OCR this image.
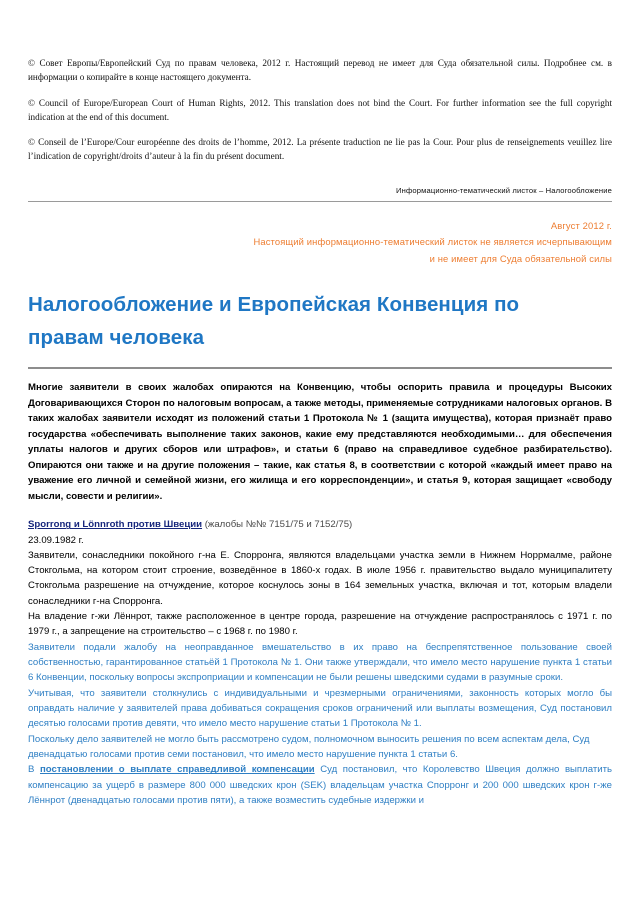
© Совет Европы/Европейский Суд по правам человека, 2012 г. Настоящий перевод не имеет для Суда обязательной силы. Подробнее см. в информации о копирайте в конце настоящего документа.

© Council of Europe/European Court of Human Rights, 2012. This translation does not bind the Court. For further information see the full copyright indication at the end of this document.

© Conseil de l’Europe/Cour européenne des droits de l’homme, 2012. La présente traduction ne lie pas la Cour. Pour plus de renseignements veuillez lire l’indication de copyright/droits d’auteur à la fin du présent document.

Информационно-тематический листок – Налогообложение
Август 2012 г.
Настоящий информационно-тематический листок не является исчерпывающим
и не имеет для Суда обязательной силы
Налогообложение и Европейская Конвенция по правам человека
Многие заявители в своих жалобах опираются на Конвенцию, чтобы оспорить правила и процедуры Высоких Договаривающихся Сторон по налоговым вопросам, а также методы, применяемые сотрудниками налоговых органов. В таких жалобах заявители исходят из положений статьи 1 Протокола № 1 (защита имущества), которая признаёт право государства «обеспечивать выполнение таких законов, какие ему представляются необходимыми… для обеспечения уплаты налогов и других сборов или штрафов», и статьи 6 (право на справедливое судебное разбирательство). Опираются они также и на другие положения – такие, как статья 8, в соответствии с которой «каждый имеет право на уважение его личной и семейной жизни, его жилища и его корреспонденции», и статья 9, которая защищает «свободу мысли, совести и религии».
Sporrong и Lönnroth против Швеции (жалобы №№ 7151/75 и 7152/75)
23.09.1982 г.

Заявители, сонаследники покойного г-на Е. Спорронга, являются владельцами участка земли в Нижнем Норрмалме, районе Стокгольма, на котором стоит строение, возведённое в 1860-х годах. В июле 1956 г. правительство выдало муниципалитету Стокгольма разрешение на отчуждение, которое коснулось зоны в 164 земельных участка, включая и тот, которым владели сонаследники г-на Спорронга.

На владение г-жи Лённрот, также расположенное в центре города, разрешение на отчуждение распространялось с 1971 г. по 1979 г., а запрещение на строительство – с 1968 г. по 1980 г.

Заявители подали жалобу на неоправданное вмешательство в их право на беспрепятственное пользование своей собственностью, гарантированное статьёй 1 Протокола № 1. Они также утверждали, что имело место нарушение пункта 1 статьи 6 Конвенции, поскольку вопросы экспроприации и компенсации не были решены шведскими судами в разумные сроки.

Учитывая, что заявители столкнулись с индивидуальными и чрезмерными ограничениями, законность которых могло бы оправдать наличие у заявителей права добиваться сокращения сроков ограничений или выплаты возмещения, Суд постановил десятью голосами против девяти, что имело место нарушение статьи 1 Протокола № 1.

Поскольку дело заявителей не могло быть рассмотрено судом, полномочном выносить решения по всем аспектам дела, Суд двенадцатью голосами против семи постановил, что имело место нарушение пункта 1 статьи 6.

В постановлении о выплате справедливой компенсации Суд постановил, что Королевство Швеция должно выплатить компенсацию за ущерб в размере 800 000 шведских крон (SEK) владельцам участка Спорронг и 200 000 шведских крон г-же Лённрот (двенадцатью голосами против пяти), а также возместить судебные издержки и
